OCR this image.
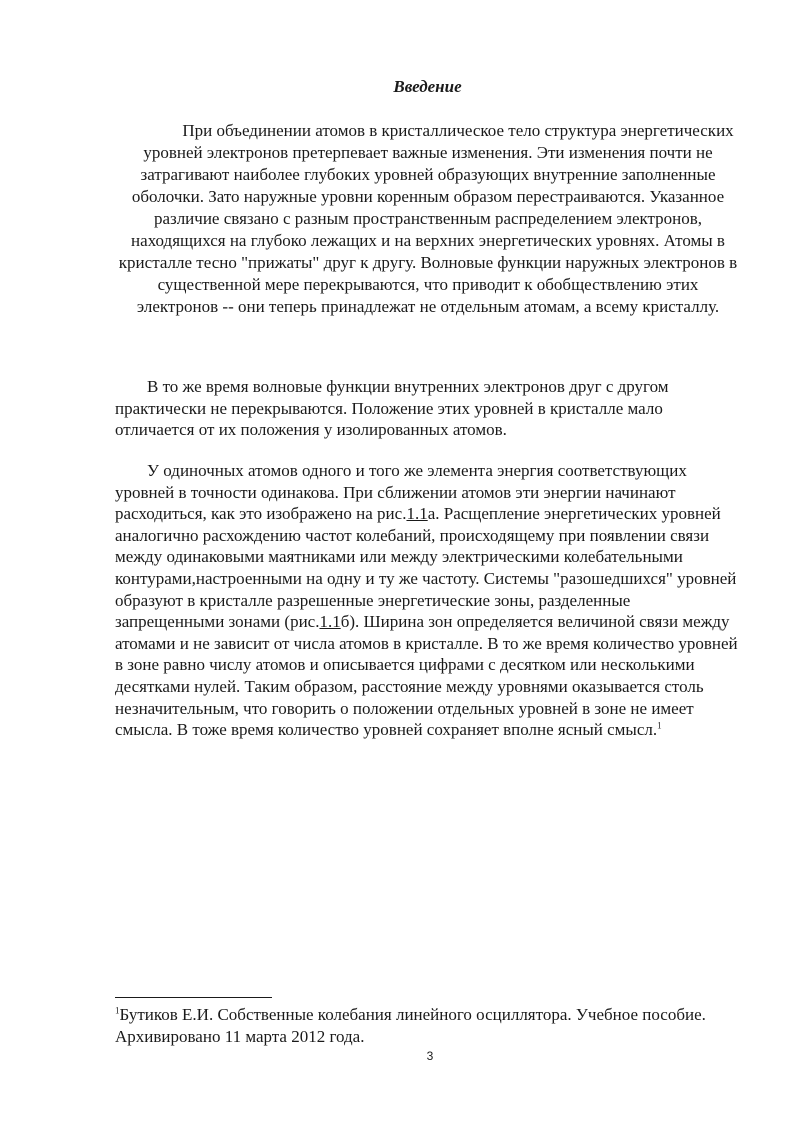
Введение

При объединении атомов в кристаллическое тело структура энергетических уровней электронов претерпевает важные изменения. Эти изменения почти не затрагивают наиболее глубоких уровней образующих внутренние заполненные оболочки. Зато наружные уровни коренным образом перестраиваются. Указанное различие связано с разным пространственным распределением электронов, находящихся на глубоко лежащих и на верхних энергетических уровнях. Атомы в кристалле тесно "прижаты" друг к другу. Волновые функции наружных электронов в существенной мере перекрываются, что приводит к обобществлению этих электронов -- они теперь принадлежат не отдельным атомам, а всему кристаллу.

В то же время волновые функции внутренних электронов друг с другом практически не перекрываются. Положение этих уровней в кристалле мало отличается от их положения у изолированных атомов.

У одиночных атомов одного и того же элемента энергия соответствующих уровней в точности одинакова. При сближении атомов эти энергии начинают расходиться, как это изображено на рис.1.1а. Расщепление энергетических уровней аналогично расхождению частот колебаний, происходящему при появлении связи между одинаковыми маятниками или между электрическими колебательными контурами,настроенными на одну и ту же частоту. Системы "разошедшихся" уровней образуют в кристалле разрешенные энергетические зоны, разделенные запрещенными зонами (рис.1.1б). Ширина зон определяется величиной связи между атомами и не зависит от числа атомов в кристалле. В то же время количество уровней в зоне равно числу атомов и описывается цифрами с десятком или несколькими десятками нулей. Таким образом, расстояние между уровнями оказывается столь незначительным, что говорить о положении отдельных уровней в зоне не имеет смысла. В тоже время количество уровней сохраняет вполне ясный смысл.$^1$

$^1$Бутиков Е.И. Собственные колебания линейного осциллятора. Учебное пособие. Архивировано 11 марта 2012 года.

3
